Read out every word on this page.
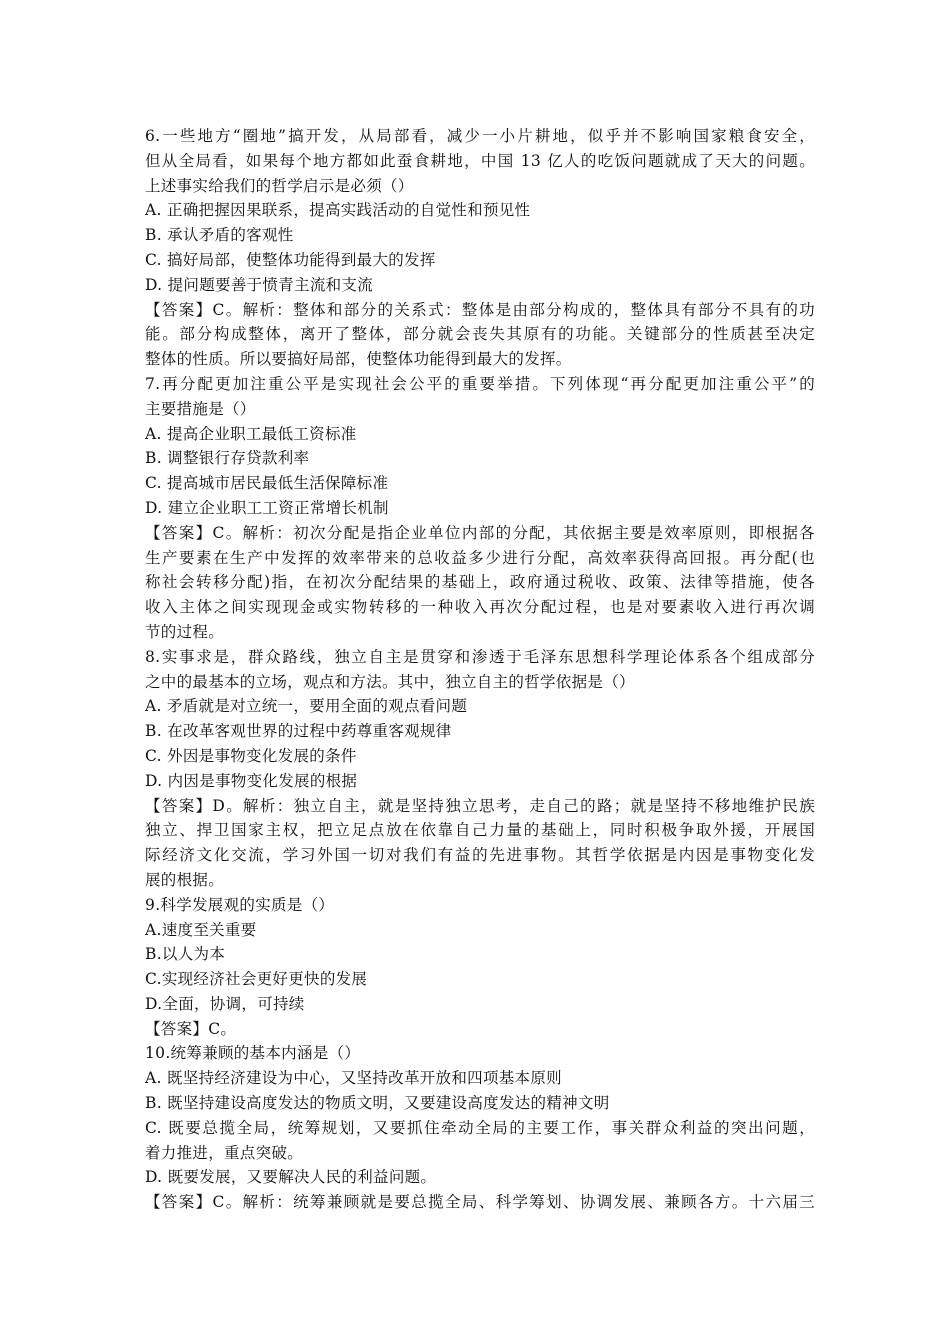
6.一些地方“圈地”搞开发，从局部看，减少一小片耕地，似乎并不影响国家粮食安全，
但从全局看，如果每个地方都如此蚕食耕地，中国 13 亿人的吃饭问题就成了天大的问题。
上述事实给我们的哲学启示是必须（）
A. 正确把握因果联系，提高实践活动的自觉性和预见性
B. 承认矛盾的客观性
C. 搞好局部，使整体功能得到最大的发挥
D. 提问题要善于愤青主流和支流
【答案】C。解析：整体和部分的关系式：整体是由部分构成的，整体具有部分不具有的功
能。部分构成整体，离开了整体，部分就会丧失其原有的功能。关键部分的性质甚至决定
整体的性质。所以要搞好局部，使整体功能得到最大的发挥。
7.再分配更加注重公平是实现社会公平的重要举措。下列体现“再分配更加注重公平”的
主要措施是（）
A. 提高企业职工最低工资标准
B. 调整银行存贷款利率
C. 提高城市居民最低生活保障标准
D. 建立企业职工工资正常增长机制
【答案】C。解析：初次分配是指企业单位内部的分配，其依据主要是效率原则，即根据各
生产要素在生产中发挥的效率带来的总收益多少进行分配，高效率获得高回报。再分配(也
称社会转移分配)指，在初次分配结果的基础上，政府通过税收、政策、法律等措施，使各
收入主体之间实现现金或实物转移的一种收入再次分配过程，也是对要素收入进行再次调
节的过程。
8.实事求是，群众路线，独立自主是贯穿和渗透于毛泽东思想科学理论体系各个组成部分
之中的最基本的立场，观点和方法。其中，独立自主的哲学依据是（）
A. 矛盾就是对立统一，要用全面的观点看问题
B. 在改革客观世界的过程中药尊重客观规律
C. 外因是事物变化发展的条件
D. 内因是事物变化发展的根据
【答案】D。解析：独立自主，就是坚持独立思考，走自己的路；就是坚持不移地维护民族
独立、捍卫国家主权，把立足点放在依靠自己力量的基础上，同时积极争取外援，开展国
际经济文化交流，学习外国一切对我们有益的先进事物。其哲学依据是内因是事物变化发
展的根据。
9.科学发展观的实质是（）
A.速度至关重要
B.以人为本
C.实现经济社会更好更快的发展
D.全面，协调，可持续
【答案】C。
10.统筹兼顾的基本内涵是（）
A. 既坚持经济建设为中心，又坚持改革开放和四项基本原则
B. 既坚持建设高度发达的物质文明，又要建设高度发达的精神文明
C. 既要总揽全局，统筹规划，又要抓住牵动全局的主要工作，事关群众利益的突出问题，
着力推进，重点突破。
D. 既要发展，又要解决人民的利益问题。
【答案】C。解析：统筹兼顾就是要总揽全局、科学筹划、协调发展、兼顾各方。十六届三
